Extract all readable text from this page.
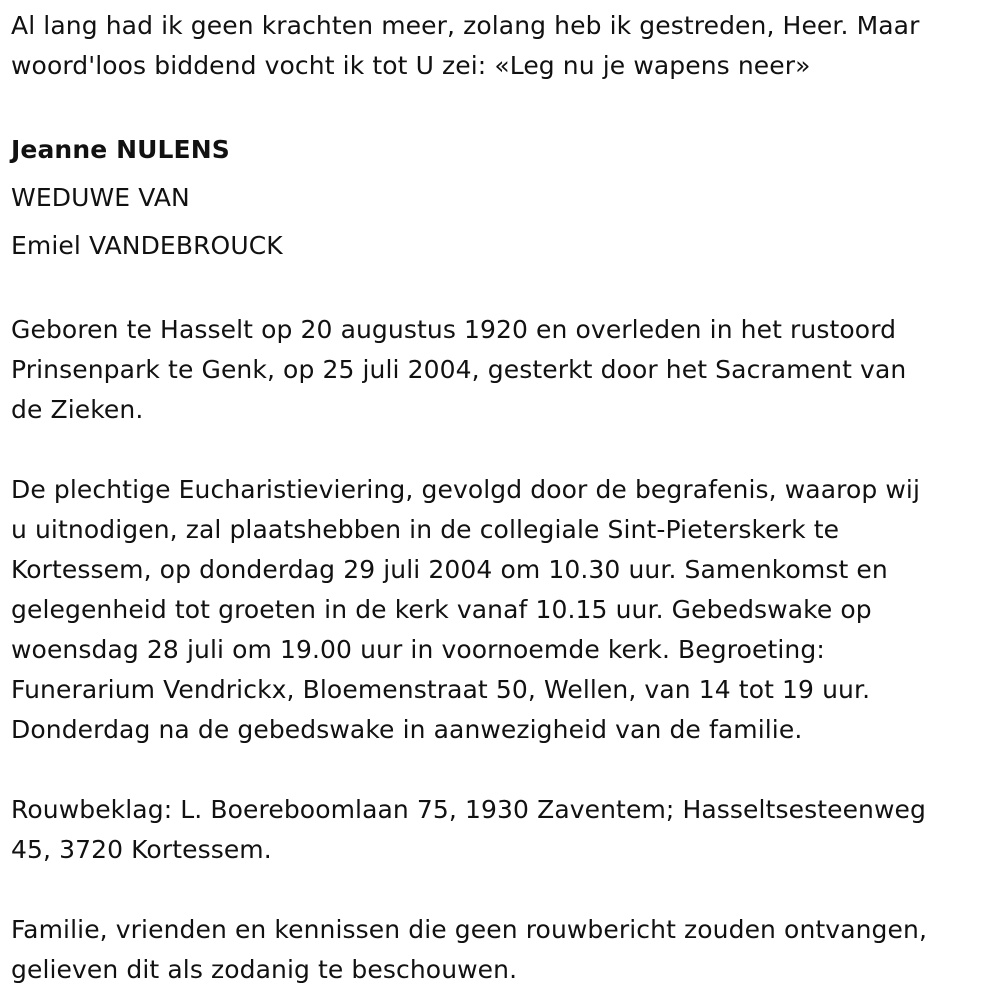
Al lang had ik geen krachten meer, zolang heb ik gestreden, Heer. Maar
woord'loos biddend vocht ik tot U zei: «Leg nu je wapens neer»
Jeanne NULENS
WEDUWE VAN
Emiel VANDEBROUCK
Geboren te Hasselt op 20 augustus 1920 en overleden in het rustoord
Prinsenpark te Genk, op 25 juli 2004, gesterkt door het Sacrament van
de Zieken.
De plechtige Eucharistieviering, gevolgd door de begrafenis, waarop wij
u uitnodigen, zal plaatshebben in de collegiale Sint-Pieterskerk te
Kortessem, op donderdag 29 juli 2004 om 10.30 uur. Samenkomst en
gelegenheid tot groeten in de kerk vanaf 10.15 uur. Gebedswake op
woensdag 28 juli om 19.00 uur in voornoemde kerk. Begroeting:
Funerarium Vendrickx, Bloemenstraat 50, Wellen, van 14 tot 19 uur.
Donderdag na de gebedswake in aanwezigheid van de familie.
Rouwbeklag: L. Boereboomlaan 75, 1930 Zaventem; Hasseltsesteenweg
45, 3720 Kortessem.
Familie, vrienden en kennissen die geen rouwbericht zouden ontvangen,
gelieven dit als zodanig te beschouwen.
